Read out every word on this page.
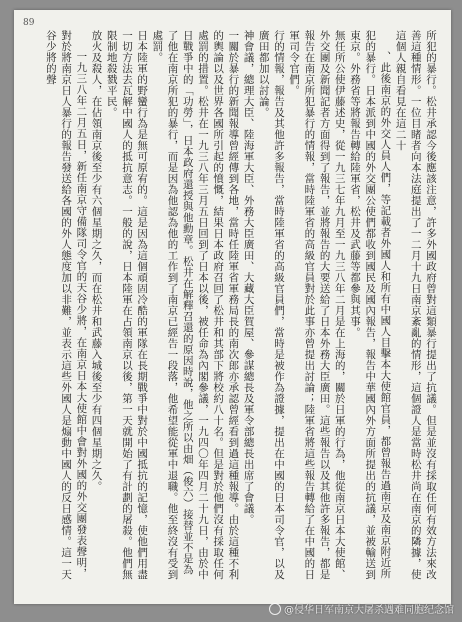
89

所犯的暴行。松井承認今後應該注意，許多外國政府曾對這類暴行提出了抗議。但是並沒有採取任何有效方法來改善這種情形。一位目睹者向本法庭提出了一二月十九日南京紊亂的情形，這個證人是當時松井尚在南京的隣據，使這個人親自看見在這二十

、此後南京的外交人員人們，等記載者外國人和所有中國人目擊本大使館官員，都曾報告過南京及南京附近所犯的暴行。日本派到中國的外交團公使們都收到國民及國內報告，報告中華國內外方面所提出的抗議，並被輸送到東京。外務省等將報告轉給陸軍省，松井及武藤等都參與其事。

無任所公使伊藤述史，從一九三七年九月至一九三八年二月是在上海的，關於日軍的行為，他從南京日本大使館、外交團及新聞記者方面得到了報告，並將報告的大要送給了日本外務大臣廣田。這些報告以及其他許多報告，都是報告在南京所犯暴行的情報，當時陸軍省的高級官員對於此事亦曾提出討論；陸軍省將這些報告轉給了在中國的日軍司令官們。

行的情報，報告及其他許多報告，當時陸軍省的高級官員們，當時是被作為證據，提出在中國的日本司令官，以及廣田都加以討論。

神會議，總理大臣、陸海軍大臣、外務大臣廣田、大藏大臣賀屋、參謀總長及軍令部總長出席了會議。

一關於暴行的新聞報導曾經傳到各地，當時任陸軍省軍務局長的南次郎亦承認曾經看到過這種報導。由於這種不利的輿論以及世界各國所引起的憤慨，結果日本政府召回了松井和其部下將校約八十名。但是對於他們沒有採取任何處罰的措置。松井在一九三八年三月五日回到了日本以後，被任命為內閣參議，一九四〇年四月二十九日，由於中日戰爭中的「功勞」，日本政府還授與他勳章。松井在解釋召還的原因時說，他之所以由畑（俊六）接替並不是為了他在南京所犯的暴行，而是因為他認為他的工作到了南京已經告一段落，他希望能從軍中退職。他至終沒有受到處罰。

日本陸軍的野蠻行為是無可原宥的。這是因為這個頑固冷酷的軍隊在長期戰爭中對於中國抵抗的記憶，使他們用盡一切方法去瓦解中國人的抵抗意志。一般的說，日本陸軍在占領南京以後，第一天就開始了有計劃的屠殺。他們無限制地殺戮平民。

放火及殺人，在佔領南京後至少有六個星期之久，而在松井和武藤入城後至少有四個星期之久。

一九三八年二月五日，新任南京守備隊司令官的天谷少將，在南京日本大使館中會對外國的外交團發表聲明，對於將南京日人暴行的報告發送給各國的外人態度加以非難，並表示這些外國人是煽動中國人的反日感情。這一天谷少將的聲

@侵华日军南京大屠杀遇难同胞纪念馆
